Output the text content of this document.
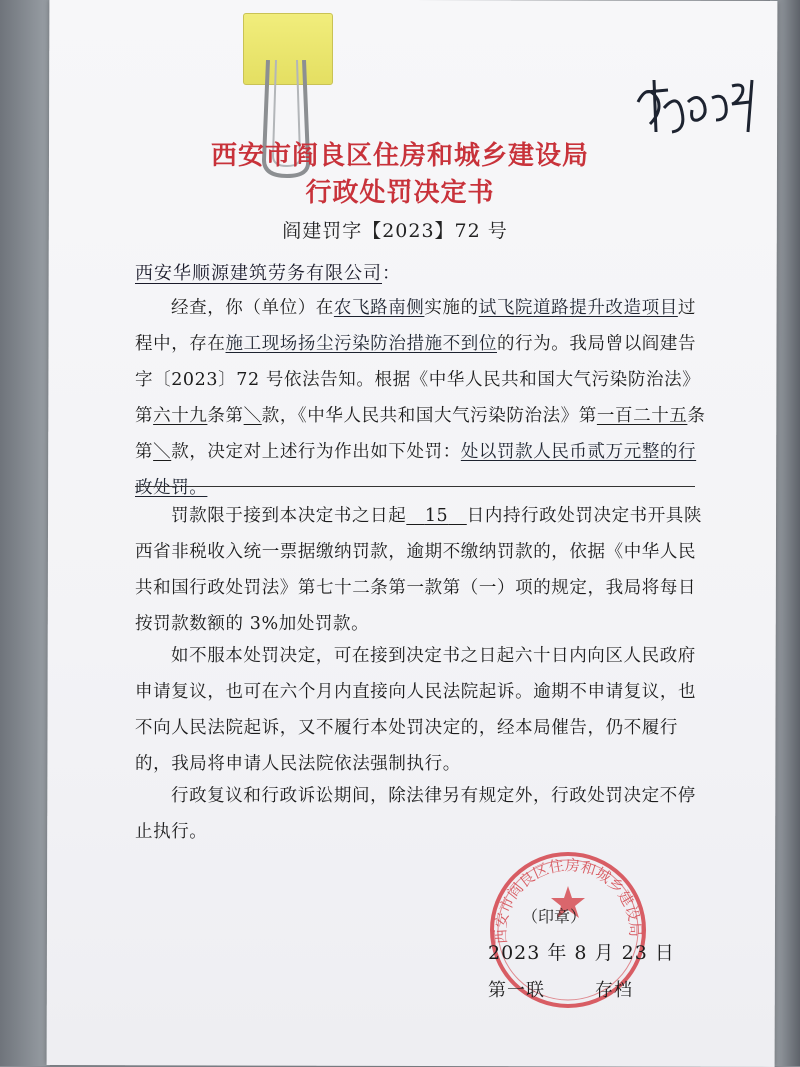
西安市阎良区住房和城乡建设局
行政处罚决定书
阎建罚字【2023】72 号
西安华顺源建筑劳务有限公司：

经查，你（单位）在农飞路南侧实施的试飞院道路提升改造项目过程中，存在施工现场扬尘污染防治措施不到位的行为。我局曾以阎建告字〔2023〕72 号依法告知。根据《中华人民共和国大气污染防治法》第六十九条第＼款，《中华人民共和国大气污染防治法》第一百二十五条第＼款，决定对上述行为作出如下处罚：处以罚款人民币贰万元整的行政处罚。

罚款限于接到本决定书之日起 15 日内持行政处罚决定书开具陕西省非税收入统一票据缴纳罚款，逾期不缴纳罚款的，依据《中华人民共和国行政处罚法》第七十二条第一款第（一）项的规定，我局将每日按罚款数额的 3%加处罚款。

如不服本处罚决定，可在接到决定书之日起六十日内向区人民政府申请复议，也可在六个月内直接向人民法院起诉。逾期不申请复议，也不向人民法院起诉，又不履行本处罚决定的，经本局催告，仍不履行的，我局将申请人民法院依法强制执行。

行政复议和行政诉讼期间，除法律另有规定外，行政处罚决定不停止执行。

西安市阎良区住房和城乡建设局
（印章）
2023 年 8 月 23 日
第一联	存档
